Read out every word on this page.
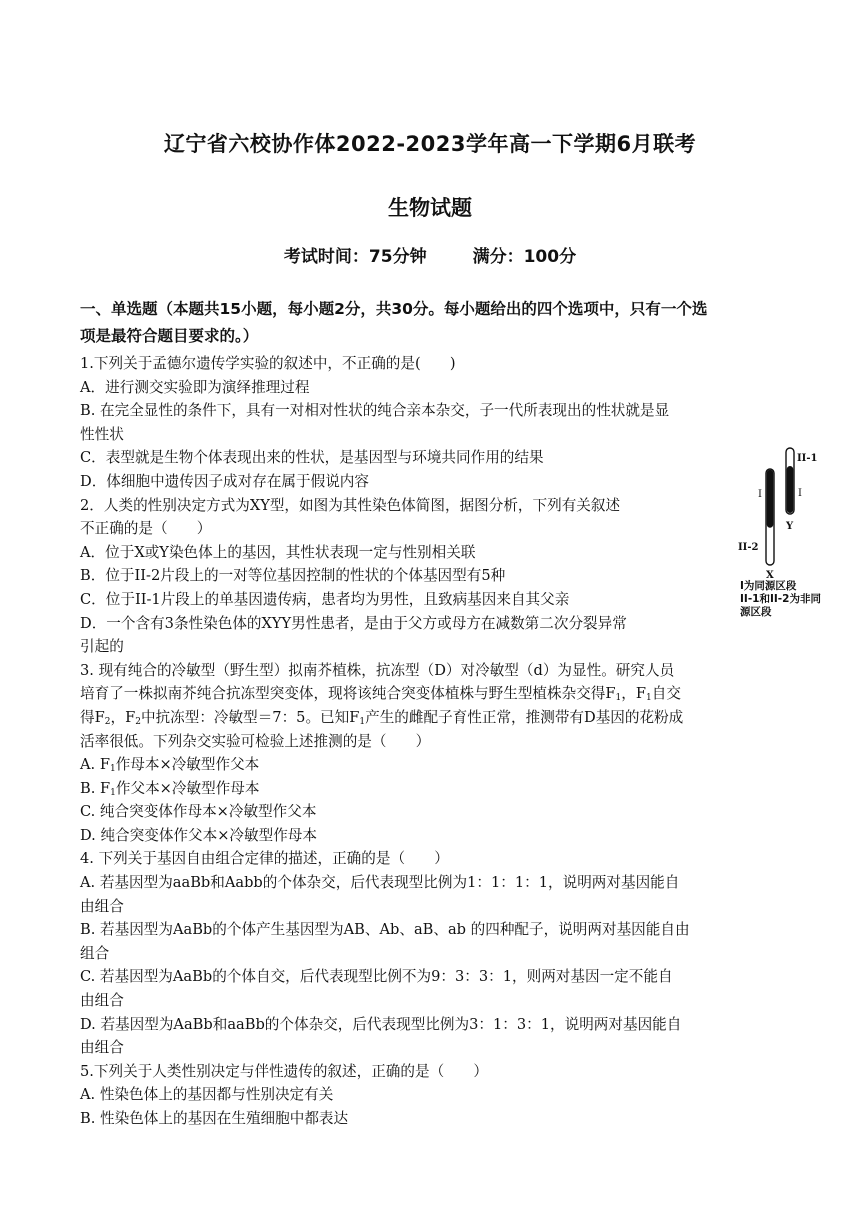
辽宁省六校协作体2022-2023学年高一下学期6月联考
生物试题
考试时间：75分钟	满分：100分
一、单选题（本题共15小题，每小题2分，共30分。每小题给出的四个选项中，只有一个选
项是最符合题目要求的。）
1.下列关于孟德尔遗传学实验的叙述中，不正确的是(　　)
A．进行测交实验即为演绎推理过程
B. 在完全显性的条件下，具有一对相对性状的纯合亲本杂交，子一代所表现出的性状就是显
性性状
C．表型就是生物个体表现出来的性状，是基因型与环境共同作用的结果
D．体细胞中遗传因子成对存在属于假说内容
2．人类的性别决定方式为XY型，如图为其性染色体简图，据图分析，下列有关叙述
不正确的是（　　）
A．位于X或Y染色体上的基因，其性状表现一定与性别相关联
B．位于II-2片段上的一对等位基因控制的性状的个体基因型有5种
C．位于II-1片段上的单基因遗传病，患者均为男性，且致病基因来自其父亲
D．一个含有3条性染色体的XYY男性患者，是由于父方或母方在减数第二次分裂异常
引起的
3. 现有纯合的冷敏型（野生型）拟南芥植株，抗冻型（D）对冷敏型（d）为显性。研究人员
培育了一株拟南芥纯合抗冻型突变体，现将该纯合突变体植株与野生型植株杂交得$F_1$，$F_1$自交
得$F_2$，$F_2$中抗冻型：冷敏型＝7：5。已知$F_1$产生的雌配子育性正常，推测带有D基因的花粉成
活率很低。下列杂交实验可检验上述推测的是（　　）
A. $F_1$作母本×冷敏型作父本
B. $F_1$作父本×冷敏型作母本
C. 纯合突变体作母本×冷敏型作父本
D. 纯合突变体作父本×冷敏型作母本
4. 下列关于基因自由组合定律的描述，正确的是（　　）
A. 若基因型为aaBb和Aabb的个体杂交，后代表现型比例为1：1：1：1，说明两对基因能自
由组合
B. 若基因型为AaBb的个体产生基因型为AB、Ab、aB、ab 的四种配子，说明两对基因能自由
组合
C. 若基因型为AaBb的个体自交，后代表现型比例不为9：3：3：1，则两对基因一定不能自
由组合
D. 若基因型为AaBb和aaBb的个体杂交，后代表现型比例为3：1：3：1，说明两对基因能自
由组合
5.下列关于人类性别决定与伴性遗传的叙述，正确的是（　　）
A. 性染色体上的基因都与性别决定有关
B. 性染色体上的基因在生殖细胞中都表达
II-1
I	I
Y
II-2
X
I为同源区段
II-1和II-2为非同
源区段
